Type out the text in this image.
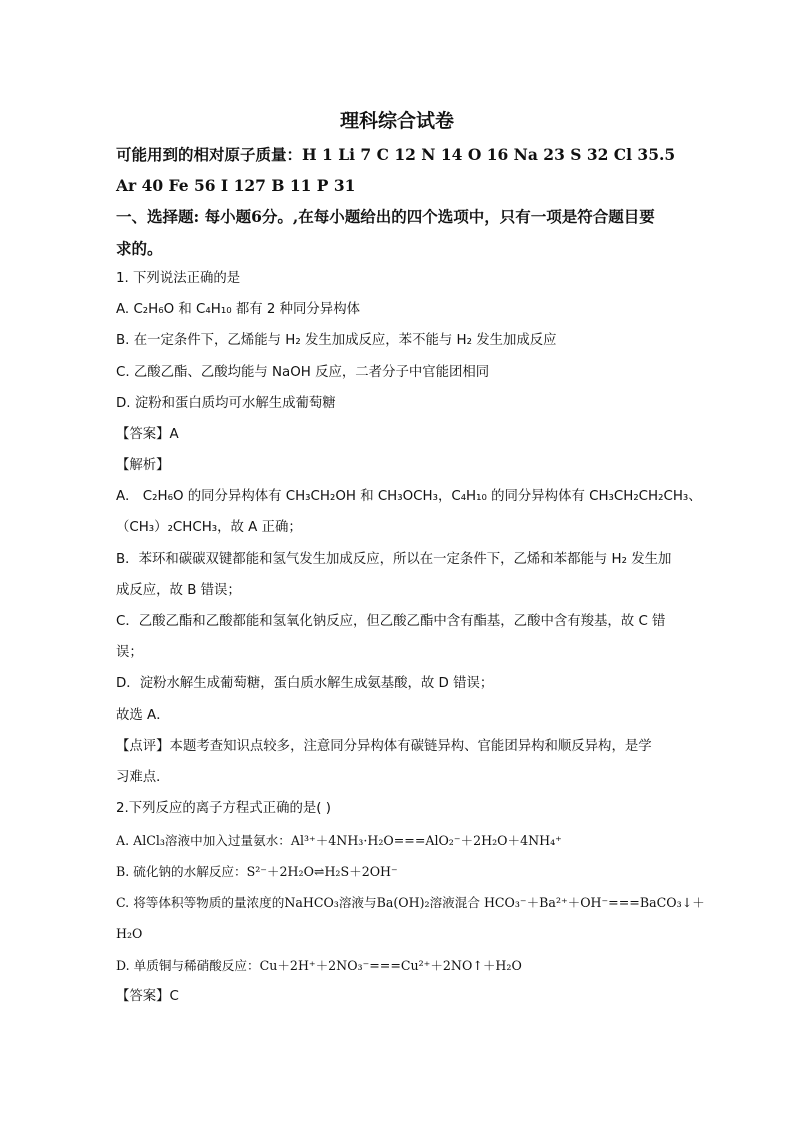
理科综合试卷
可能用到的相对原子质量：H 1 Li 7 C 12 N 14 O 16 Na 23 S 32 Cl 35.5
Ar 40 Fe 56 I 127 B 11 P 31
一、选择题: 每小题6分。,在每小题给出的四个选项中，只有一项是符合题目要
求的。
1. 下列说法正确的是
A. C₂H₆O 和 C₄H₁₀ 都有 2 种同分异构体
B. 在一定条件下，乙烯能与 H₂ 发生加成反应，苯不能与 H₂ 发生加成反应
C. 乙酸乙酯、乙酸均能与 NaOH 反应，二者分子中官能团相同
D. 淀粉和蛋白质均可水解生成葡萄糖
【答案】A
【解析】
A． C₂H₆O 的同分异构体有 CH₃CH₂OH 和 CH₃OCH₃，C₄H₁₀ 的同分异构体有 CH₃CH₂CH₂CH₃、
（CH₃）₂CHCH₃，故 A 正确；
B．苯环和碳碳双键都能和氢气发生加成反应，所以在一定条件下，乙烯和苯都能与 H₂ 发生加
成反应，故 B 错误；
C．乙酸乙酯和乙酸都能和氢氧化钠反应，但乙酸乙酯中含有酯基，乙酸中含有羧基，故 C 错
误；
D．淀粉水解生成葡萄糖，蛋白质水解生成氨基酸，故 D 错误；
故选 A．
【点评】本题考查知识点较多，注意同分异构体有碳链异构、官能团异构和顺反异构，是学
习难点．
2.下列反应的离子方程式正确的是( )
A. AlCl₃溶液中加入过量氨水：Al³⁺＋4NH₃·H₂O===AlO₂⁻＋2H₂O＋4NH₄⁺
B. 硫化钠的水解反应：S²⁻＋2H₂O⇌H₂S＋2OH⁻
C. 将等体积等物质的量浓度的NaHCO₃溶液与Ba(OH)₂溶液混合 HCO₃⁻＋Ba²⁺＋OH⁻===BaCO₃↓＋
H₂O
D. 单质铜与稀硝酸反应：Cu＋2H⁺＋2NO₃⁻===Cu²⁺＋2NO↑＋H₂O
【答案】C
